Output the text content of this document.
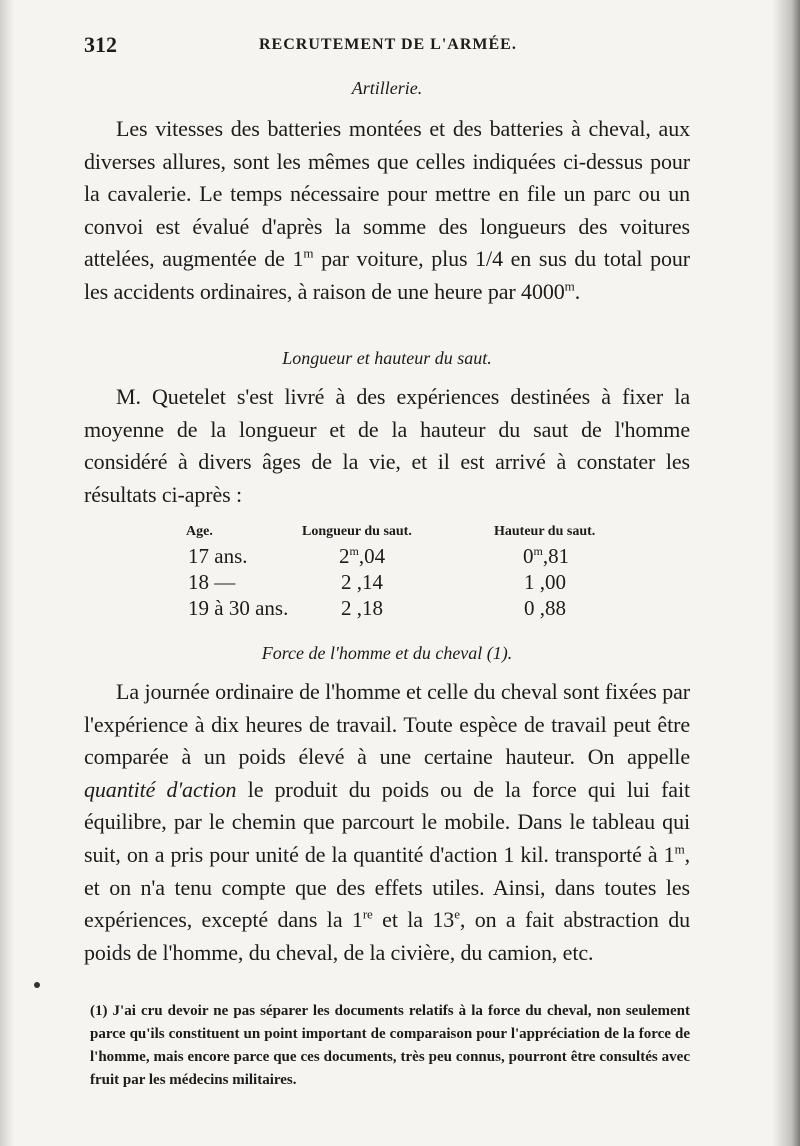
312	RECRUTEMENT DE L'ARMÉE.
Artillerie.

Les vitesses des batteries montées et des batteries à cheval, aux diverses allures, sont les mêmes que celles indiquées ci-dessus pour la cavalerie. Le temps nécessaire pour mettre en file un parc ou un convoi est évalué d'après la somme des longueurs des voitures attelées, augmentée de 1$^m$ par voiture, plus 1/4 en sus du total pour les accidents ordinaires, à raison de une heure par 4000$^m$.

Longueur et hauteur du saut.

M. Quetelet s'est livré à des expériences destinées à fixer la moyenne de la longueur et de la hauteur du saut de l'homme considéré à divers âges de la vie, et il est arrivé à constater les résultats ci-après :

Age.	Longueur du saut.	Hauteur du saut.
17 ans.	2$^m$,04	0$^m$,81
18 —	2 ,14	1 ,00
19 à 30 ans.	2 ,18	0 ,88
Force de l'homme et du cheval (1).

La journée ordinaire de l'homme et celle du cheval sont fixées par l'expérience à dix heures de travail. Toute espèce de travail peut être comparée à un poids élevé à une certaine hauteur. On appelle quantité d'action le produit du poids ou de la force qui lui fait équilibre, par le chemin que parcourt le mobile. Dans le tableau qui suit, on a pris pour unité de la quantité d'action 1 kil. transporté à 1$^m$, et on n'a tenu compte que des effets utiles. Ainsi, dans toutes les expériences, excepté dans la 1re et la 13e, on a fait abstraction du poids de l'homme, du cheval, de la civière, du camion, etc.

(1) J'ai cru devoir ne pas séparer les documents relatifs à la force du cheval, non seulement parce qu'ils constituent un point important de comparaison pour l'appréciation de la force de l'homme, mais encore parce que ces documents, très peu connus, pourront être consultés avec fruit par les médecins militaires.
